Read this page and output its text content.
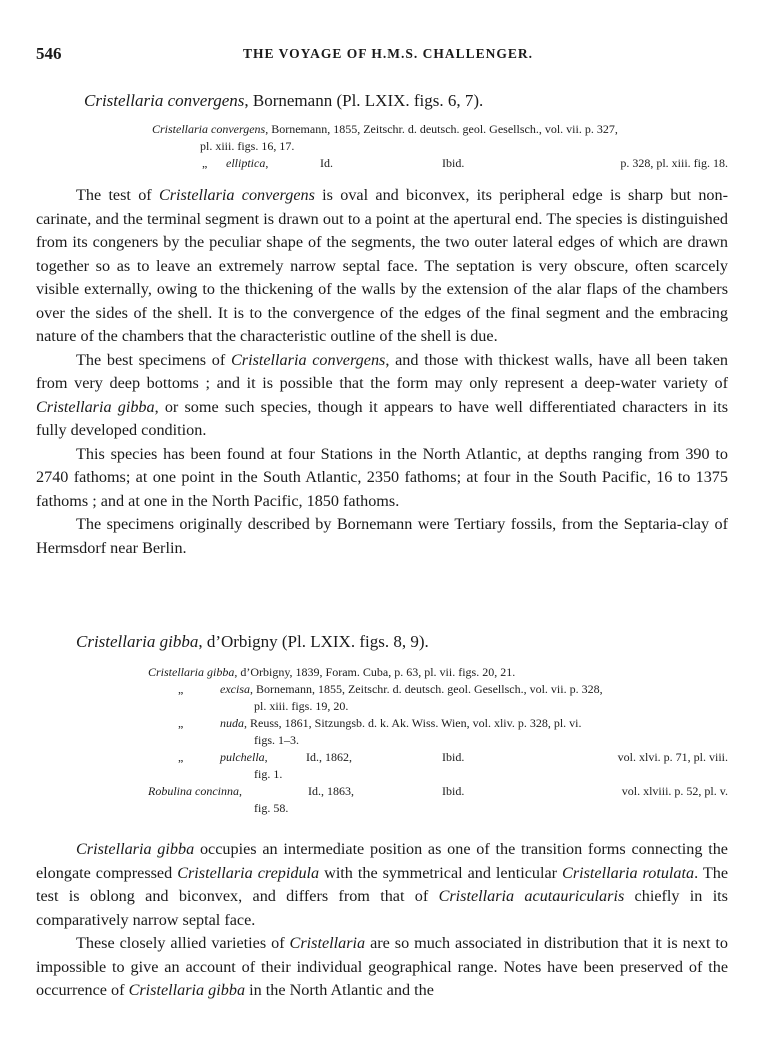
546	THE VOYAGE OF H.M.S. CHALLENGER.
Cristellaria convergens, Bornemann (Pl. LXIX. figs. 6, 7).
Cristellaria convergens , Bornemann, 1855, Zeitschr. d. deutsch. geol. Gesellsch., vol. vii. p. 327,
pl. xiii. figs. 16, 17.
„ elliptica,	Id.	Ibid.	p. 328, pl. xiii. fig. 18.

The test of Cristellaria convergens is oval and biconvex, its peripheral edge is sharp but non-carinate, and the terminal segment is drawn out to a point at the apertural end. The species is distinguished from its congeners by the peculiar shape of the segments, the two outer lateral edges of which are drawn together so as to leave an extremely narrow septal face. The septation is very obscure, often scarcely visible externally, owing to the thickening of the walls by the extension of the alar flaps of the chambers over the sides of the shell. It is to the convergence of the edges of the final segment and the embracing nature of the chambers that the characteristic outline of the shell is due.

The best specimens of Cristellaria convergens, and those with thickest walls, have all been taken from very deep bottoms ; and it is possible that the form may only represent a deep-water variety of Cristellaria gibba, or some such species, though it appears to have well differentiated characters in its fully developed condition.

This species has been found at four Stations in the North Atlantic, at depths ranging from 390 to 2740 fathoms; at one point in the South Atlantic, 2350 fathoms; at four in the South Pacific, 16 to 1375 fathoms ; and at one in the North Pacific, 1850 fathoms.

The specimens originally described by Bornemann were Tertiary fossils, from the Septaria-clay of Hermsdorf near Berlin.

Cristellaria gibba, d’Orbigny (Pl. LXIX. figs. 8, 9).
Cristellaria gibba , d’Orbigny, 1839, Foram. Cuba, p. 63, pl. vii. figs. 20, 21.
„	excisa , Bornemann, 1855, Zeitschr. d. deutsch. geol. Gesellsch., vol. vii. p. 328,
pl. xiii. figs. 19, 20.
„	nuda , Reuss, 1861, Sitzungsb. d. k. Ak. Wiss. Wien, vol. xliv. p. 328, pl. vi.
figs. 1–3.
„	pulchella,	Id., 1862,	Ibid.	vol. xlvi. p. 71, pl. viii.
fig. 1.
Robulina concinna,	Id., 1863,	Ibid.	vol. xlviii. p. 52, pl. v.
fig. 58.

Cristellaria gibba occupies an intermediate position as one of the transition forms connecting the elongate compressed Cristellaria crepidula with the symmetrical and lenticular Cristellaria rotulata. The test is oblong and biconvex, and differs from that of Cristellaria acutauricularis chiefly in its comparatively narrow septal face.

These closely allied varieties of Cristellaria are so much associated in distribution that it is next to impossible to give an account of their individual geographical range. Notes have been preserved of the occurrence of Cristellaria gibba in the North Atlantic and the
